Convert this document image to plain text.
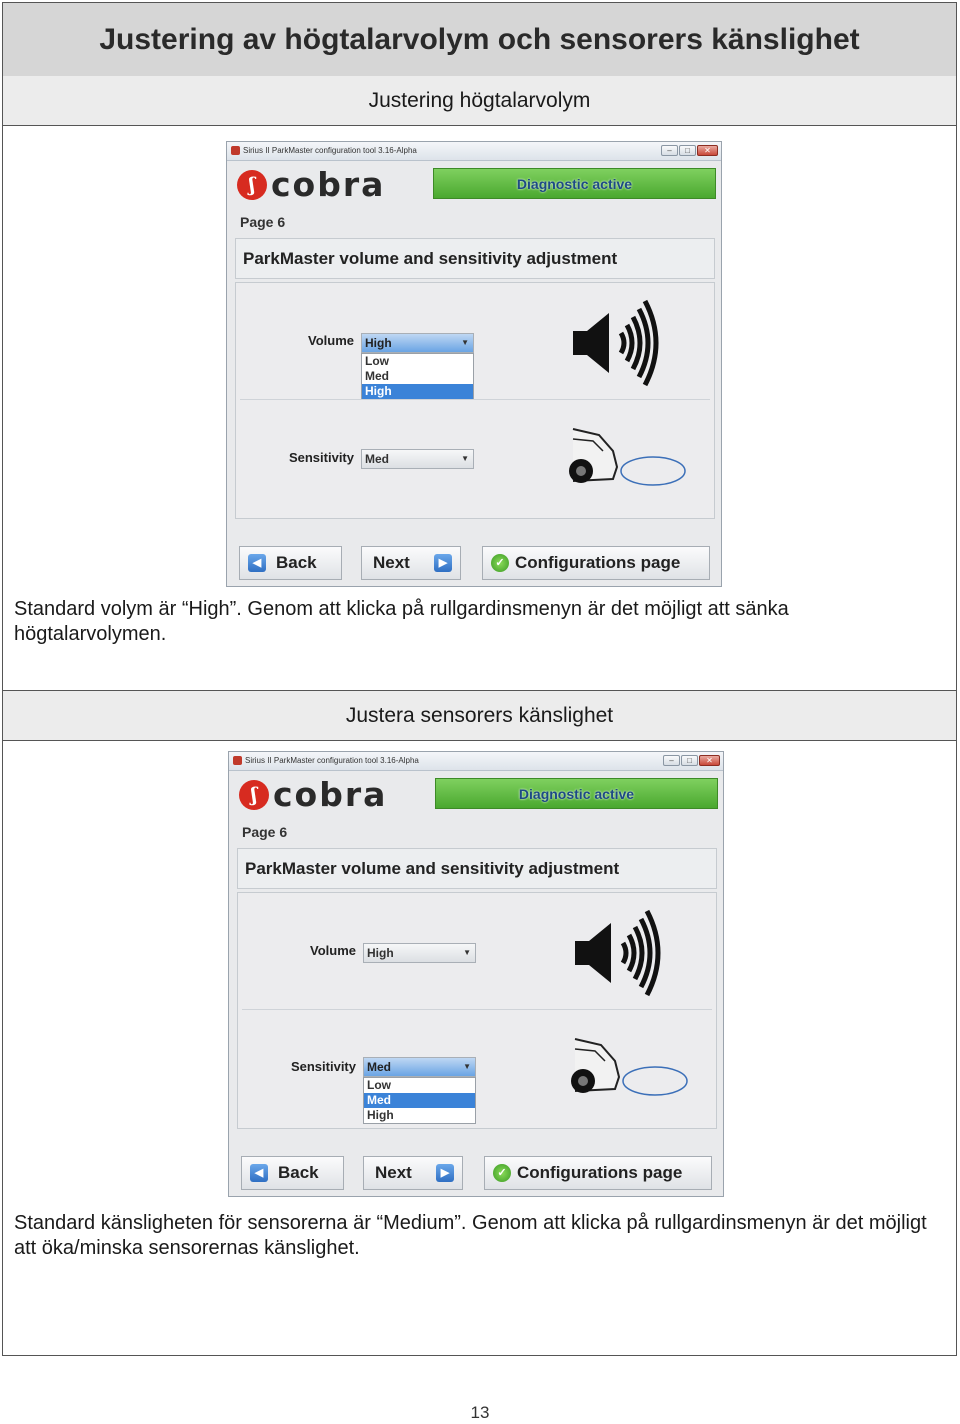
Justering av högtalarvolym och sensorers känslighet
Justering högtalarvolym
Sirius II ParkMaster configuration tool 3.16-Alpha	–	□	✕
ʃ cobra	Diagnostic active
Page 6
ParkMaster volume and sensitivity adjustment
Volume High	▼
Low
Med
High
Sensitivity Med	▼
◀ Back	Next	▶	✓ Configurations page
Standard volym är “High”. Genom att klicka på rullgardinsmenyn är det möjligt att sänka högtalarvolymen.
Justera sensorers känslighet
Sirius II ParkMaster configuration tool 3.16-Alpha	–	□	✕
ʃ cobra	Diagnostic active
Page 6
ParkMaster volume and sensitivity adjustment
Volume High	▼
Sensitivity Med	▼
Low
Med
High
◀ Back	Next	▶	✓ Configurations page
Standard känsligheten för sensorerna är “Medium”. Genom att klicka på rullgardinsmenyn är det möjligt att öka/minska sensorernas känslighet.
13
